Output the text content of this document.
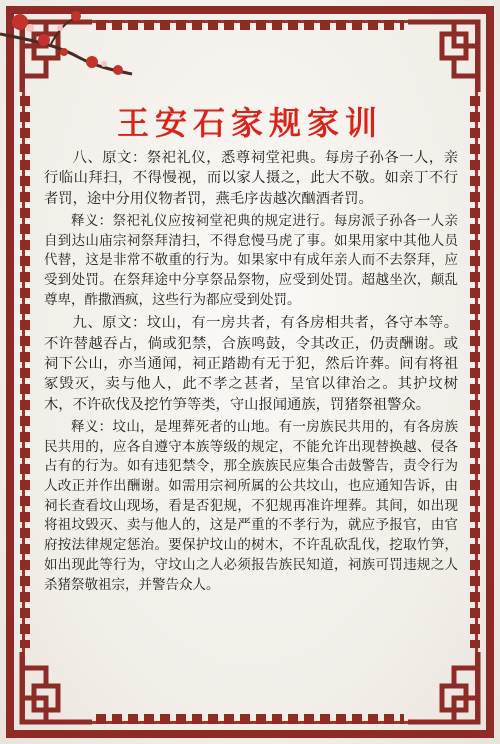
王安石家规家训

八、原文：祭祀礼仪，悉尊祠堂祀典。每房子孙各一人，亲行临山拜扫，不得慢视，而以家人摄之，此大不敬。如亲丁不行者罚，途中分用仪物者罚，燕毛序齿越次酗酒者罚。

释义：祭祀礼仪应按祠堂祀典的规定进行。每房派子孙各一人亲自到达山庙宗祠祭拜清扫，不得怠慢马虎了事。如果用家中其他人员代替，这是非常不敬重的行为。如果家中有成年亲人而不去祭拜，应受到处罚。在祭拜途中分享祭品祭物，应受到处罚。超越坐次，颠乱尊卑，酢撒酒疯，这些行为都应受到处罚。

九、原文：坟山，有一房共者，有各房相共者，各守本等。不许替越吞占，倘或犯禁，合族鸣鼓，令其改正，仍责酬谢。或祠下公山，亦当通闻，祠正踏勘有无于犯，然后许葬。间有将祖冢毁灭，卖与他人，此不孝之甚者，呈官以律治之。其护坟树木，不许砍伐及挖竹笋等类，守山报闻通族，罚猪祭祖警众。

释义：坟山，是埋葬死者的山地。有一房族民共用的，有各房族民共用的，应各自遵守本族等级的规定，不能允许出现替换越、侵各占有的行为。如有违犯禁令，那全族族民应集合击鼓警告，责令行为人改正并作出酬谢。如需用宗祠所属的公共坟山，也应通知告诉，由祠长查看坟山现场，看是否犯规，不犯规再准许埋葬。其间，如出现将祖坟毁灭、卖与他人的，这是严重的不孝行为，就应予报官，由官府按法律规定惩治。要保护坟山的树木，不许乱砍乱伐，挖取竹笋，如出现此等行为，守坟山之人必须报告族民知道，祠族可罚违规之人杀猪祭敬祖宗，并警告众人。
